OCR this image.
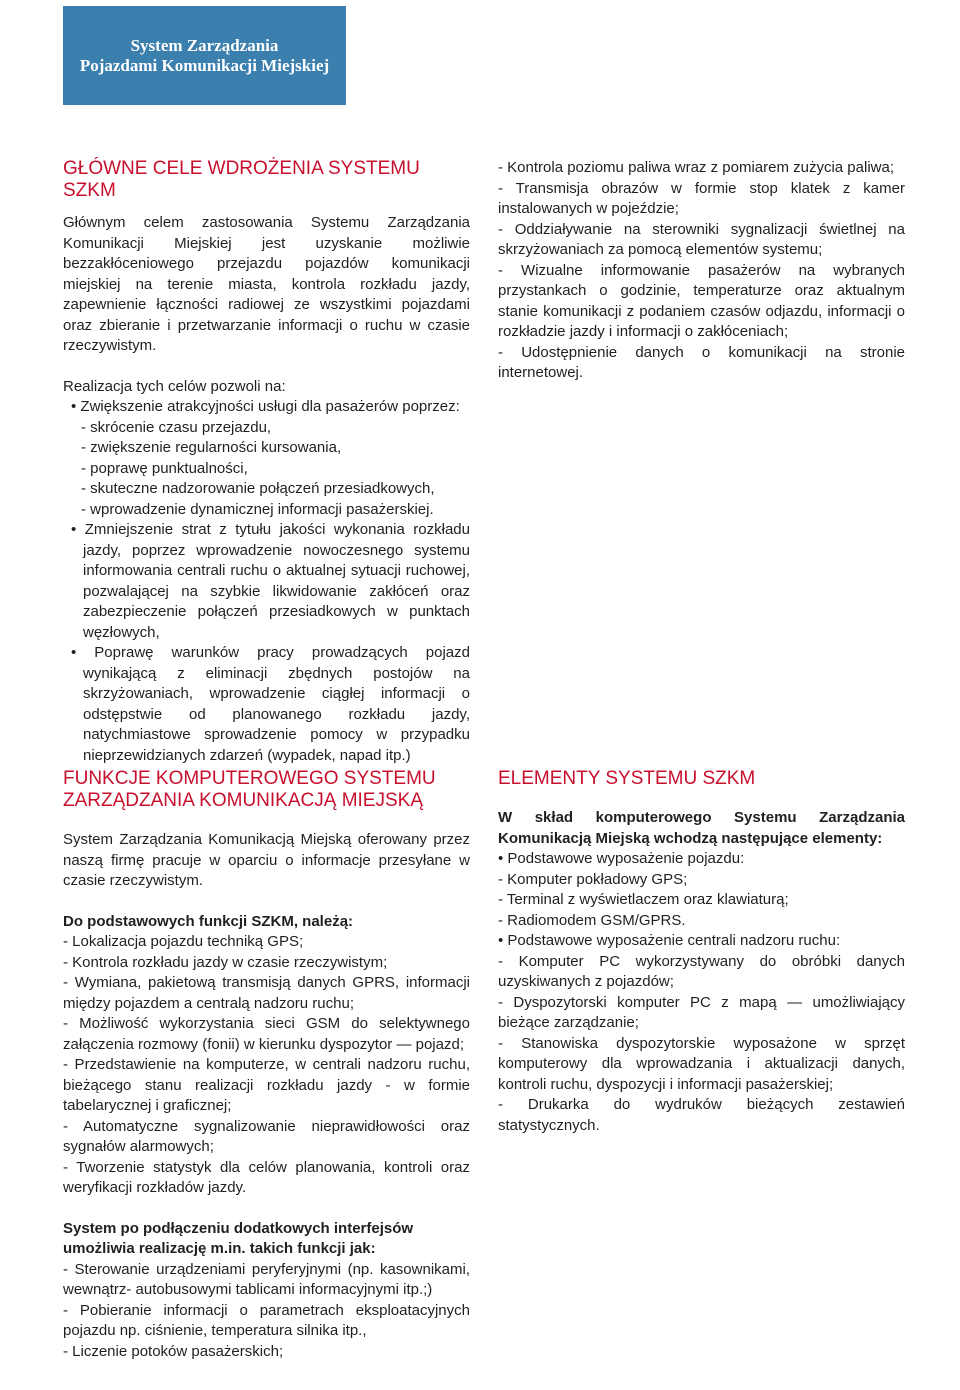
System Zarządzania
Pojazdami Komunikacji Miejskiej
GŁÓWNE CELE WDROŻENIA SYSTEMU
SZKM

Głównym celem zastosowania Systemu Zarządzania Komunikacji Miejskiej jest uzyskanie możliwie bezzakłóceniowego przejazdu pojazdów komunikacji miejskiej na terenie miasta, kontrola rozkładu jazdy, zapewnienie łączności radiowej ze wszystkimi pojazdami oraz zbieranie i przetwarzanie informacji o ruchu w czasie rzeczywistym.

Realizacja tych celów pozwoli na:

• Zwiększenie atrakcyjności usługi dla pasażerów poprzez:

- skrócenie czasu przejazdu,
- zwiększenie regularności kursowania,
- poprawę punktualności,
- skuteczne nadzorowanie połączeń przesiadkowych,
- wprowadzenie dynamicznej informacji pasażerskiej.

• Zmniejszenie strat z tytułu jakości wykonania rozkładu jazdy, poprzez wprowadzenie nowoczesnego systemu informowania centrali ruchu o aktualnej sytuacji ruchowej, pozwalającej na szybkie likwidowanie zakłóceń oraz zabezpieczenie połączeń przesiadkowych w punktach węzłowych,

• Poprawę warunków pracy prowadzących pojazd wynikającą z eliminacji zbędnych postojów na skrzyżowaniach, wprowadzenie ciągłej informacji o odstępstwie od planowanego rozkładu jazdy, natychmiastowe sprowadzenie pomocy w przypadku nieprzewidzianych zdarzeń (wypadek, napad itp.)

- Kontrola poziomu paliwa wraz z pomiarem zużycia paliwa;

- Transmisja obrazów w formie stop klatek z kamer instalowanych w pojeździe;

- Oddziaływanie na sterowniki sygnalizacji świetlnej na skrzyżowaniach za pomocą elementów systemu;

- Wizualne informowanie pasażerów na wybranych przystankach o godzinie, temperaturze oraz aktualnym stanie komunikacji z podaniem czasów odjazdu, informacji o rozkładzie jazdy i informacji o zakłóceniach;

- Udostępnienie danych o komunikacji na stronie internetowej.

FUNKCJE KOMPUTEROWEGO SYSTEMU
ZARZĄDZANIA KOMUNIKACJĄ MIEJSKĄ

System Zarządzania Komunikacją Miejską oferowany przez naszą firmę pracuje w oparciu o informacje przesyłane w czasie rzeczywistym.

Do podstawowych funkcji SZKM, należą:

- Lokalizacja pojazdu techniką GPS;

- Kontrola rozkładu jazdy w czasie rzeczywistym;

- Wymiana, pakietową transmisją danych GPRS, informacji między pojazdem a centralą nadzoru ruchu;

- Możliwość wykorzystania sieci GSM do selektywnego załączenia rozmowy (fonii) w kierunku dyspozytor — pojazd;

- Przedstawienie na komputerze, w centrali nadzoru ruchu, bieżącego stanu realizacji rozkładu jazdy - w formie tabelarycznej i graficznej;

- Automatyczne sygnalizowanie nieprawidłowości oraz sygnałów alarmowych;

- Tworzenie statystyk dla celów planowania, kontroli oraz weryfikacji rozkładów jazdy.

System po podłączeniu dodatkowych interfejsów umożliwia realizację m.in. takich funkcji jak:

- Sterowanie urządzeniami peryferyjnymi (np. kasownikami, wewnątrz- autobusowymi tablicami informacyjnymi itp.;)

- Pobieranie informacji o parametrach eksploatacyjnych pojazdu np. ciśnienie, temperatura silnika itp.,

- Liczenie potoków pasażerskich;

ELEMENTY SYSTEMU SZKM

W skład komputerowego Systemu Zarządzania Komunikacją Miejską wchodzą następujące elementy:

• Podstawowe wyposażenie pojazdu:

- Komputer pokładowy GPS;

- Terminal z wyświetlaczem oraz klawiaturą;

- Radiomodem GSM/GPRS.

• Podstawowe wyposażenie centrali nadzoru ruchu:

- Komputer PC wykorzystywany do obróbki danych uzyskiwanych z pojazdów;

- Dyspozytorski komputer PC z mapą — umożliwiający bieżące zarządzanie;

- Stanowiska dyspozytorskie wyposażone w sprzęt komputerowy dla wprowadzania i aktualizacji danych, kontroli ruchu, dyspozycji i informacji pasażerskiej;

- Drukarka do wydruków bieżących zestawień statystycznych.
